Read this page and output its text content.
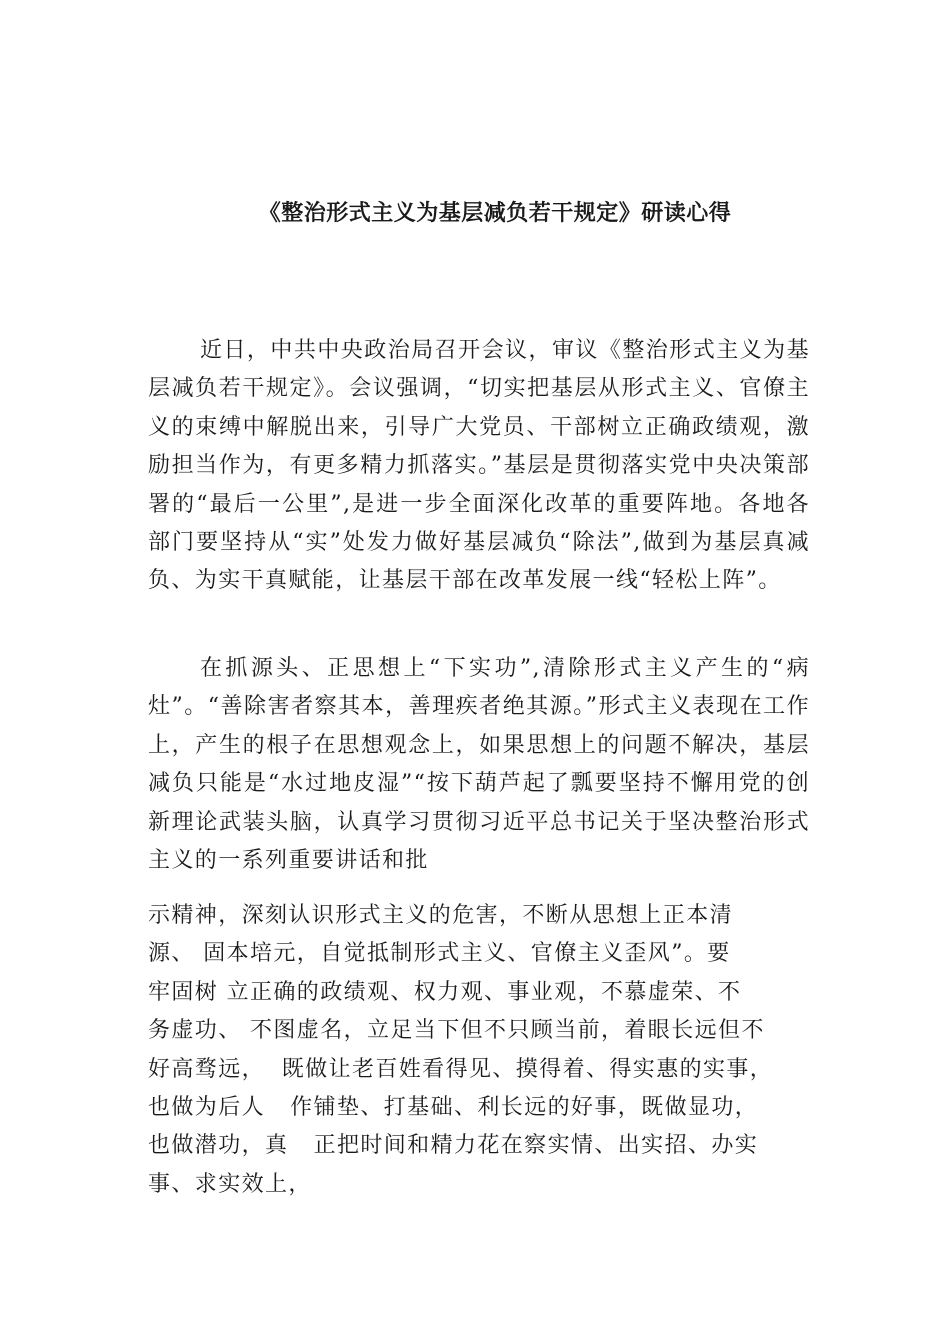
《整治形式主义为基层减负若干规定》研读心得

近日，中共中央政治局召开会议，审议《整治形式主义为基层减负若干规定》。会议强调，“切实把基层从形式主义、官僚主义的束缚中解脱出来，引导广大党员、干部树立正确政绩观，激励担当作为，有更多精力抓落实。”基层是贯彻落实党中央决策部署的“最后一公里”,是进一步全面深化改革的重要阵地。各地各部门要坚持从“实”处发力做好基层减负“除法”,做到为基层真减负、为实干真赋能，让基层干部在改革发展一线“轻松上阵”。

在抓源头、正思想上“下实功”,清除形式主义产生的“病灶”。“善除害者察其本，善理疾者绝其源。”形式主义表现在工作上，产生的根子在思想观念上，如果思想上的问题不解决，基层减负只能是“水过地皮湿”“按下葫芦起了瓢要坚持不懈用党的创新理论武装头脑，认真学习贯彻习近平总书记关于坚决整治形式主义的一系列重要讲话和批

示精神，深刻认识形式主义的危害，不断从思想上正本清
源、 固本培元，自觉抵制形式主义、官僚主义歪风”。要
牢固树 立正确的政绩观、权力观、事业观，不慕虚荣、不
务虚功、 不图虚名，立足当下但不只顾当前，着眼长远但不
好高骛远，  既做让老百姓看得见、摸得着、得实惠的实事，
也做为后人   作铺垫、打基础、利长远的好事，既做显功，
也做潜功，真   正把时间和精力花在察实情、出实招、办实
事、求实效上，
